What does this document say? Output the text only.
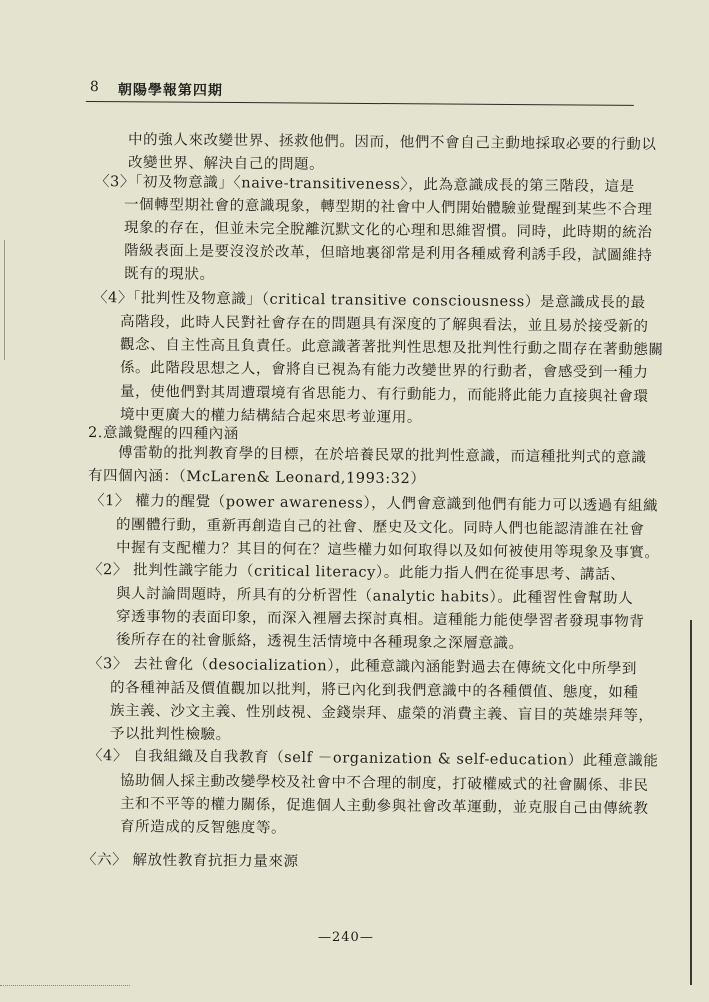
8 朝陽學報第四期
中的強人來改變世界、拯救他們。因而，他們不會自己主動地採取必要的行動以
改變世界、解決自己的問題。
〈3〉「初及物意識」〈naive-transitiveness〉，此為意識成長的第三階段，這是
一個轉型期社會的意識現象，轉型期的社會中人們開始體驗並覺醒到某些不合理
現象的存在，但並未完全脫離沉默文化的心理和思維習慣。同時，此時期的統治
階級表面上是要沒沒於改革，但暗地裏卻常是利用各種威脅利誘手段，試圖維持
既有的現狀。
〈4〉「批判性及物意識」（critical transitive consciousness）是意識成長的最
高階段，此時人民對社會存在的問題具有深度的了解與看法，並且易於接受新的
觀念、自主性高且負責任。此意識著著批判性思想及批判性行動之間存在著動態關
係。此階段思想之人，會將自已視為有能力改變世界的行動者，會感受到一種力
量，使他們對其周遭環境有省思能力、有行動能力，而能將此能力直接與社會環
境中更廣大的權力結構結合起來思考並運用。
2.意識覺醒的四種內涵
傅雷勒的批判教育學的目標，在於培養民眾的批判性意識，而這種批判式的意識
有四個內涵：（McLaren& Leonard,1993:32）
〈1〉 權力的醒覺（power awareness），人們會意識到他們有能力可以透過有組織
的團體行動，重新再創造自己的社會、歷史及文化。同時人們也能認清誰在社會
中握有支配權力？其目的何在？這些權力如何取得以及如何被使用等現象及事實。
〈2〉 批判性識字能力（critical literacy）。此能力指人們在從事思考、講話、
與人討論問題時，所具有的分析習性（analytic habits）。此種習性會幫助人
穿透事物的表面印象，而深入裡層去探討真相。這種能力能使學習者發現事物背
後所存在的社會脈絡，透視生活情境中各種現象之深層意識。
〈3〉 去社會化（desocialization），此種意識內涵能對過去在傳統文化中所學到
的各種神話及價值觀加以批判，將已內化到我們意識中的各種價值、態度，如種
族主義、沙文主義、性別歧視、金錢崇拜、虛榮的消費主義、盲目的英雄崇拜等，
予以批判性檢驗。
〈4〉 自我組織及自我教育（self －organization & self-education）此種意識能
協助個人採主動改變學校及社會中不合理的制度，打破權威式的社會關係、非民
主和不平等的權力關係，促進個人主動參與社會改革運動，並克服自己由傳統教
育所造成的反智態度等。
〈六〉 解放性教育抗拒力量來源
—240—
